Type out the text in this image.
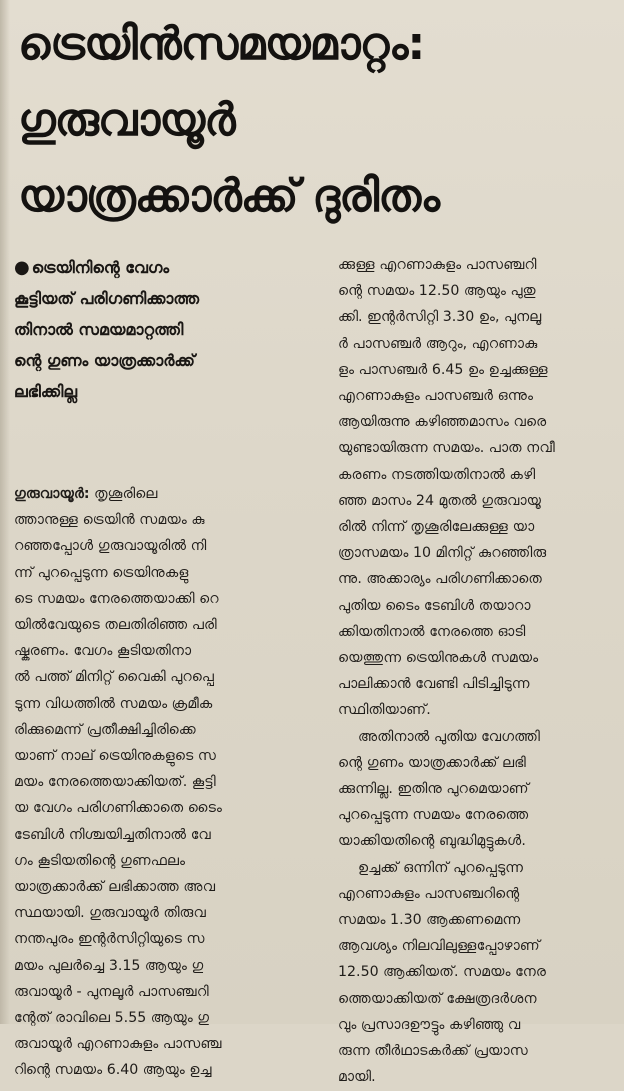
ട്രെയിൻസമയമാറ്റം:
ഗുരുവായൂർ
യാത്രക്കാർക്ക് ദുരിതം

● ട്രെയിനിന്റെ വേഗം
കൂട്ടിയത് പരിഗണിക്കാത്ത
തിനാൽ സമയമാറ്റത്തി
ന്റെ ഗുണം യാത്രക്കാർക്ക്
ലഭിക്കില്ല

ഗുരുവായൂർ: തൃശൂരിലെ
ത്താനുള്ള ട്രെയിൻ സമയം കു
റഞ്ഞപ്പോൾ ഗുരുവായൂരിൽ നി
ന്ന് പുറപ്പെടുന്ന ട്രെയിനുകളു
ടെ സമയം നേരത്തെയാക്കി റെ
യിൽവേയുടെ തലതിരിഞ്ഞ പരി
ഷ്കരണം. വേഗം കൂടിയതിനാ
ൽ പത്ത് മിനിറ്റ് വൈകി പുറപ്പെ
ടുന്ന വിധത്തിൽ സമയം ക്രമീക
രിക്കുമെന്ന് പ്രതീക്ഷിച്ചിരിക്കെ
യാണ് നാല് ട്രെയിനുകളുടെ സ
മയം നേരത്തെയാക്കിയത്. കൂട്ടി
യ വേഗം പരിഗണിക്കാതെ ടൈം
ടേബിൾ നിശ്ചയിച്ചതിനാൽ വേ
ഗം കൂടിയതിന്റെ ഗുണഫലം
യാത്രക്കാർക്ക് ലഭിക്കാത്ത അവ
സ്ഥയായി. ഗുരുവായൂർ തിരുവ
നന്തപുരം ഇന്റർസിറ്റിയുടെ സ
മയം പുലർച്ചെ 3.15 ആയും ഗു
രുവായൂർ - പുനലൂർ പാസഞ്ചറി
ന്റേത് രാവിലെ 5.55 ആയും ഗു
രുവായൂർ എറണാകുളം പാസഞ്ച
റിന്റെ സമയം 6.40 ആയും ഉച്ച

ക്കുള്ള എറണാകുളം പാസഞ്ചറി
ന്റെ സമയം 12.50 ആയും പുതു
ക്കി. ഇന്റർസിറ്റി 3.30 ഉം, പുനലൂ
ർ പാസഞ്ചർ ആറും, എറണാകു
ളം പാസഞ്ചർ 6.45 ഉം ഉച്ചക്കുള്ള
എറണാകുളം പാസഞ്ചർ ഒന്നും
ആയിരുന്നു കഴിഞ്ഞമാസം വരെ
യുണ്ടായിരുന്ന സമയം. പാത നവീ
കരണം നടത്തിയതിനാൽ കഴി
ഞ്ഞ മാസം 24 മുതൽ ഗുരുവായൂ
രിൽ നിന്ന് തൃശൂരിലേക്കുള്ള യാ
ത്രാസമയം 10 മിനിറ്റ് കുറഞ്ഞിരു
ന്നു. അക്കാര്യം പരിഗണിക്കാതെ
പുതിയ ടൈം ടേബിൾ തയാറാ
ക്കിയതിനാൽ നേരത്തെ ഓടി
യെത്തുന്ന ട്രെയിനുകൾ സമയം
പാലിക്കാൻ വേണ്ടി പിടിച്ചിടുന്ന
സ്ഥിതിയാണ്.

അതിനാൽ പുതിയ വേഗത്തി
ന്റെ ഗുണം യാത്രക്കാർക്ക് ലഭി
ക്കുന്നില്ല. ഇതിനു പുറമെയാണ്
പുറപ്പെടുന്ന സമയം നേരത്തെ
യാക്കിയതിന്റെ ബുദ്ധിമുട്ടുകൾ.

ഉച്ചക്ക് ഒന്നിന് പുറപ്പെടുന്ന
എറണാകുളം പാസഞ്ചറിന്റെ
സമയം 1.30 ആക്കണമെന്ന
ആവശ്യം നിലവിലുള്ളപ്പോഴാണ്
12.50 ആക്കിയത്. സമയം നേര
ത്തെയാക്കിയത് ക്ഷേത്രദർശന
വും പ്രസാദഊട്ടും കഴിഞ്ഞു വ
രുന്ന തീർഥാടകർക്ക് പ്രയാസ
മായി.
